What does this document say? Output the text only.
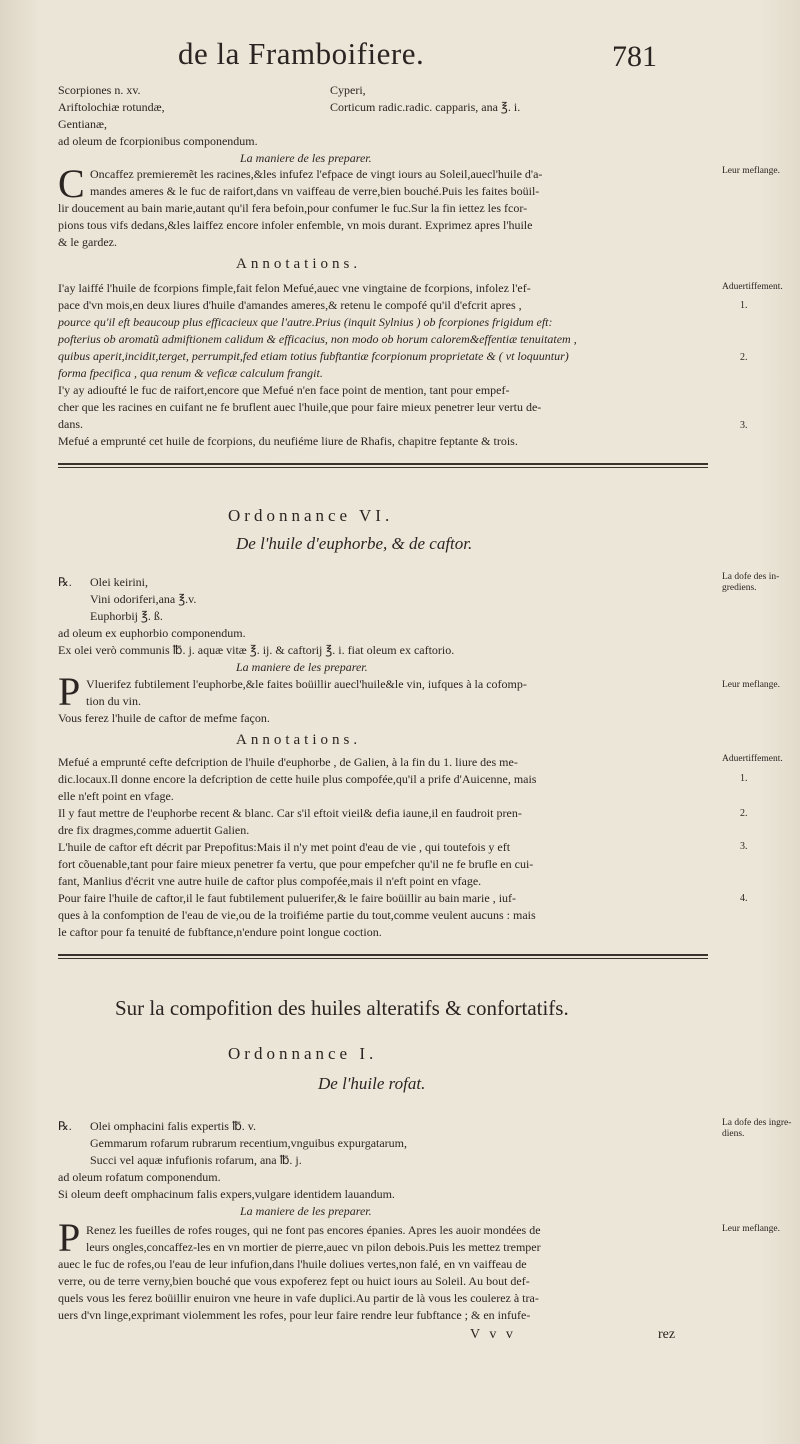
de la Framboifiere.	781
Scorpiones n. xv.	Cyperi,
Ariftolochiæ rotundæ,	Corticum radic.radic. capparis, ana ℥. i.
Gentianæ,
ad oleum de fcorpionibus componendum.
La maniere de les preparer.
C Oncaffez premieremẽt les racines,&les infufez l'efpace de vingt iours au Soleil,auecl'huile d'a-
mandes ameres & le fuc de raifort,dans vn vaiffeau de verre,bien bouché.Puis les faites boüil-
lir doucement au bain marie,autant qu'il fera befoin,pour confumer le fuc.Sur la fin iettez les fcor-
pions tous vifs dedans,&les laiffez encore infoler enfemble, vn mois durant. Exprimez apres l'huile
& le gardez.
Leur meflange.
Annotations.
I'ay laiffé l'huile de fcorpions fimple,fait felon Mefué,auec vne vingtaine de fcorpions, infolez l'ef-
pace d'vn mois,en deux liures d'huile d'amandes ameres,& retenu le compofé qu'il d'efcrit apres ,
pource qu'il eft beaucoup plus efficacieux que l'autre.Prius (inquit Sylnius ) ob fcorpiones frigidum eft:
pofterius ob aromatũ admiftionem calidum & efficacius, non modo ob horum calorem&effentiæ tenuitatem ,
quibus aperit,incidit,terget, perrumpit,fed etiam totius fubftantiæ fcorpionum proprietate & ( vt loquuntur)
forma fpecifica , qua renum & veficæ calculum frangit.
I'y ay adioufté le fuc de raifort,encore que Mefué n'en face point de mention, tant pour empef-
cher que les racines en cuifant ne fe bruflent auec l'huile,que pour faire mieux penetrer leur vertu de-
dans.
Mefué a emprunté cet huile de fcorpions, du neufiéme liure de Rhafis, chapitre feptante & trois.
Aduertiffement.
1.
2.
3.
Ordonnance VI.
De l'huile d'euphorbe, & de caftor.
℞. Olei keirini,
Vini odoriferi,ana ℥.v.
Euphorbij ℥. ß.
ad oleum ex euphorbio componendum.
Ex olei verò communis ℔. j. aquæ vitæ ℥. ij. & caftorij ℥. i. fiat oleum ex caftorio.
La maniere de les preparer.
P Vluerifez fubtilement l'euphorbe,&le faites boüillir auecl'huile&le vin, iufques à la cofomp-
tion du vin.
Vous ferez l'huile de caftor de mefme façon.
La dofe des in-grediens.
Leur meflange.
Annotations.
Mefué a emprunté cefte defcription de l'huile d'euphorbe , de Galien, à la fin du 1. liure des me-
dic.locaux.Il donne encore la defcription de cette huile plus compofée,qu'il a prife d'Auicenne, mais
elle n'eft point en vfage.
Il y faut mettre de l'euphorbe recent & blanc. Car s'il eftoit vieil& defia iaune,il en faudroit pren-
dre fix dragmes,comme aduertit Galien.
L'huile de caftor eft décrit par Prepofitus:Mais il n'y met point d'eau de vie , qui toutefois y eft
fort cõuenable,tant pour faire mieux penetrer fa vertu, que pour empefcher qu'il ne fe brufle en cui-
fant, Manlius d'écrit vne autre huile de caftor plus compofée,mais il n'eft point en vfage.
Pour faire l'huile de caftor,il le faut fubtilement puluerifer,& le faire boüillir au bain marie , iuf-
ques à la confomption de l'eau de vie,ou de la troifiéme partie du tout,comme veulent aucuns : mais
le caftor pour fa tenuité de fubftance,n'endure point longue coction.
Aduertiffement.
1.
2.
3.
4.
Sur la compofition des huiles alteratifs & confortatifs.
Ordonnance I.
De l'huile rofat.
℞. Olei omphacini falis expertis ℔. v.
Gemmarum rofarum rubrarum recentium,vnguibus expurgatarum,
Succi vel aquæ infufionis rofarum, ana ℔. j.
ad oleum rofatum componendum.
Si oleum deeft omphacinum falis expers,vulgare identidem lauandum.
La maniere de les preparer.
P Renez les fueilles de rofes rouges, qui ne font pas encores épanies. Apres les auoir mondées de
leurs ongles,concaffez-les en vn mortier de pierre,auec vn pilon debois.Puis les mettez tremper
auec le fuc de rofes,ou l'eau de leur infufion,dans l'huile doliues vertes,non falé, en vn vaiffeau de
verre, ou de terre verny,bien bouché que vous expoferez fept ou huict iours au Soleil. Au bout def-
quels vous les ferez boüillir enuiron vne heure in vafe duplici.Au partir de là vous les coulerez à tra-
uers d'vn linge,exprimant violemment les rofes, pour leur faire rendre leur fubftance ; & en infufe-
La dofe des ingre-diens.
Leur meflange.
V v v	rez
